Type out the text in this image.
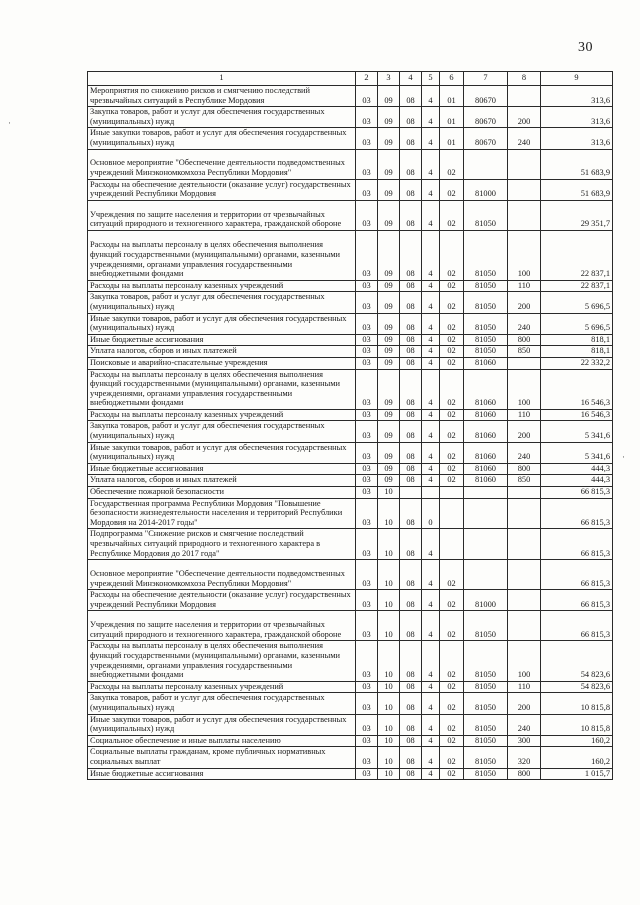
30
1	2	3	4	5	6	7	8	9
Мероприятия по снижению рисков и смягчению последствий чрезвычайных ситуаций в Республике Мордовия	03	09	08	4	01	80670		313,6
Закупка товаров, работ и услуг для обеспечения государственных (муниципальных) нужд	03	09	08	4	01	80670	200	313,6
Иные закупки товаров, работ и услуг для обеспечения государственных (муниципальных) нужд	03	09	08	4	01	80670	240	313,6
Основное мероприятие "Обеспечение деятельности подведомственных учреждений Минэкономкомхоза Республики Мордовия"	03	09	08	4	02			51 683,9
Расходы на обеспечение деятельности (оказание услуг) государственных учреждений Республики Мордовия	03	09	08	4	02	81000		51 683,9
Учреждения по защите населения и территории от чрезвычайных ситуаций природного и техногенного характера, гражданской обороне	03	09	08	4	02	81050		29 351,7
Расходы на выплаты персоналу в целях обеспечения выполнения функций государственными (муниципальными) органами, казенными учреждениями, органами управления государственными внебюджетными фондами	03	09	08	4	02	81050	100	22 837,1
Расходы на выплаты персоналу казенных учреждений	03	09	08	4	02	81050	110	22 837,1
Закупка товаров, работ и услуг для обеспечения государственных (муниципальных) нужд	03	09	08	4	02	81050	200	5 696,5
Иные закупки товаров, работ и услуг для обеспечения государственных (муниципальных) нужд	03	09	08	4	02	81050	240	5 696,5
Иные бюджетные ассигнования	03	09	08	4	02	81050	800	818,1
Уплата налогов, сборов и иных платежей	03	09	08	4	02	81050	850	818,1
Поисковые и аварийно-спасательные учреждения	03	09	08	4	02	81060		22 332,2
Расходы на выплаты персоналу в целях обеспечения выполнения функций государственными (муниципальными) органами, казенными учреждениями, органами управления государственными внебюджетными фондами	03	09	08	4	02	81060	100	16 546,3
Расходы на выплаты персоналу казенных учреждений	03	09	08	4	02	81060	110	16 546,3
Закупка товаров, работ и услуг для обеспечения государственных (муниципальных) нужд	03	09	08	4	02	81060	200	5 341,6
Иные закупки товаров, работ и услуг для обеспечения государственных (муниципальных) нужд	03	09	08	4	02	81060	240	5 341,6
Иные бюджетные ассигнования	03	09	08	4	02	81060	800	444,3
Уплата налогов, сборов и иных платежей	03	09	08	4	02	81060	850	444,3
Обеспечение пожарной безопасности	03	10						66 815,3
Государственная программа Республики Мордовия "Повышение безопасности жизнедеятельности населения и территорий Республики Мордовия на 2014-2017 годы"	03	10	08	0				66 815,3
Подпрограмма "Снижение рисков и смягчение последствий чрезвычайных ситуаций природного и техногенного характера в Республике Мордовия до 2017 года"	03	10	08	4				66 815,3
Основное мероприятие "Обеспечение деятельности подведомственных учреждений Минэкономкомхоза Республики Мордовия"	03	10	08	4	02			66 815,3
Расходы на обеспечение деятельности (оказание услуг) государственных учреждений Республики Мордовия	03	10	08	4	02	81000		66 815,3
Учреждения по защите населения и территории от чрезвычайных ситуаций природного и техногенного характера, гражданской обороне	03	10	08	4	02	81050		66 815,3
Расходы на выплаты персоналу в целях обеспечения выполнения функций государственными (муниципальными) органами, казенными учреждениями, органами управления государственными внебюджетными фондами	03	10	08	4	02	81050	100	54 823,6
Расходы на выплаты персоналу казенных учреждений	03	10	08	4	02	81050	110	54 823,6
Закупка товаров, работ и услуг для обеспечения государственных (муниципальных) нужд	03	10	08	4	02	81050	200	10 815,8
Иные закупки товаров, работ и услуг для обеспечения государственных (муниципальных) нужд	03	10	08	4	02	81050	240	10 815,8
Социальное обеспечение и иные выплаты населению	03	10	08	4	02	81050	300	160,2
Социальные выплаты гражданам, кроме публичных нормативных социальных выплат	03	10	08	4	02	81050	320	160,2
Иные бюджетные ассигнования	03	10	08	4	02	81050	800	1 015,7
·
·
